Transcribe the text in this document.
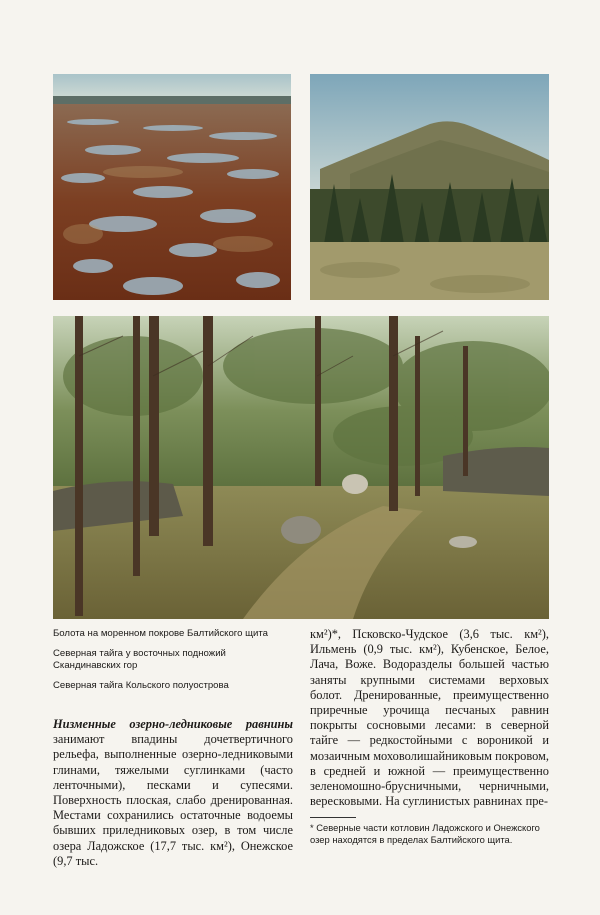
Болота на моренном покрове Балтийского щита

Северная тайга у восточных подножий Скандинавских гор

Северная тайга Кольского полуострова

Низменные озерно-ледниковые равнины занимают впадины дочетвертичного рельефа, выполненные озерно-ледниковыми глинами, тяжелыми суглинками (часто ленточными), песками и супесями. Поверхность плоская, слабо дренированная. Местами сохранились остаточные водоемы бывших приледниковых озер, в том числе озера Ладожское (17,7 тыс. км²), Онежское (9,7 тыс.

км²)*, Псковско-Чудское (3,6 тыс. км²), Ильмень (0,9 тыс. км²), Кубенское, Белое, Лача, Воже. Водоразделы большей частью заняты крупными системами верховых болот. Дренированные, преимущественно приречные урочища песчаных равнин покрыты сосновыми лесами: в северной тайге — редкостойными с вороникой и мозаичным моховолишайниковым покровом, в средней и южной — преимущественно зеленомошно-брусничными, черничными, вересковыми. На суглинистых равнинах пре-

* Северные части котловин Ладожского и Онежского озер находятся в пределах Балтийского щита.
